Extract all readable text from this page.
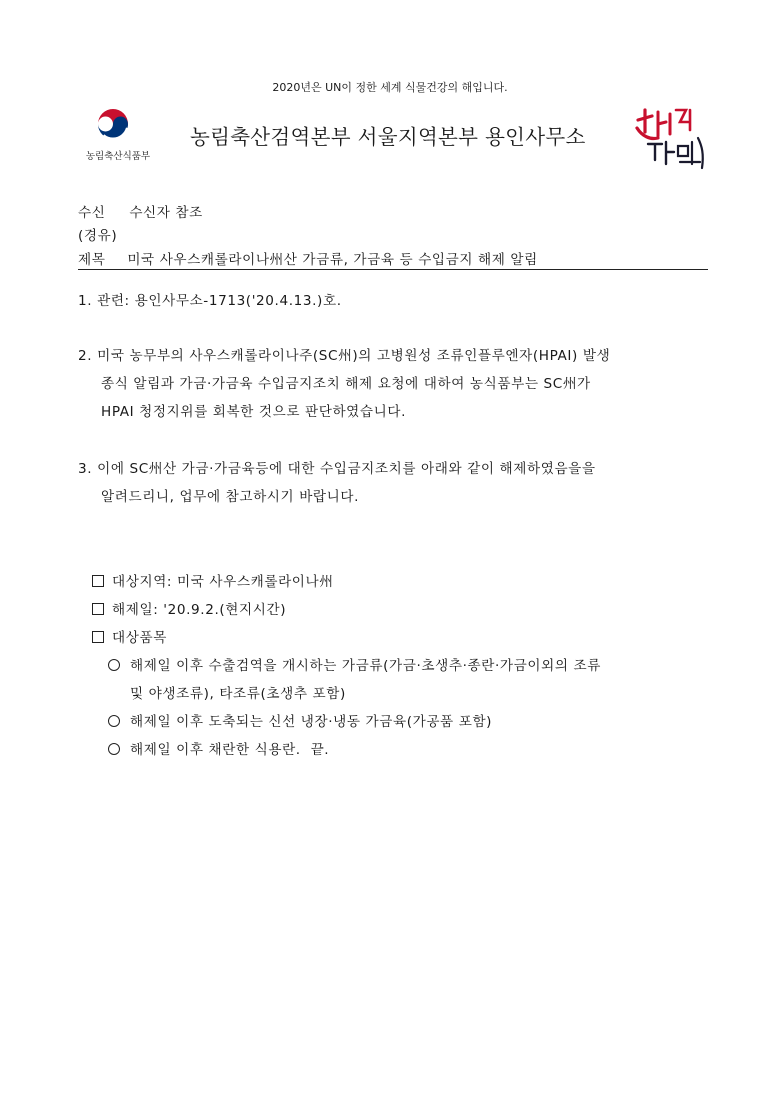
2020년은 UN이 정한 세계 식물건강의 해입니다.
농림축산식품부
농림축산검역본부 서울지역본부 용인사무소
수신 수신자 참조
(경유)
제목 미국 사우스캐롤라이나州산 가금류, 가금육 등 수입금지 해제 알림
1. 관련: 용인사무소-1713('20.4.13.)호.
2. 미국 농무부의 사우스캐롤라이나주(SC州)의 고병원성 조류인플루엔자(HPAI) 발생
종식 알림과 가금·가금육 수입금지조치 해제 요청에 대하여 농식품부는 SC州가
HPAI 청정지위를 회복한 것으로 판단하였습니다.
3. 이에 SC州산 가금·가금육등에 대한 수입금지조치를 아래와 같이 해제하였음을을
알려드리니, 업무에 참고하시기 바랍니다.
대상지역: 미국 사우스캐롤라이나州
해제일: '20.9.2.(현지시간)
대상품목
해제일 이후 수출검역을 개시하는 가금류(가금·초생추·종란·가금이외의 조류
및 야생조류), 타조류(초생추 포함)
해제일 이후 도축되는 신선 냉장·냉동 가금육(가공품 포함)
해제일 이후 채란한 식용란.  끝.
